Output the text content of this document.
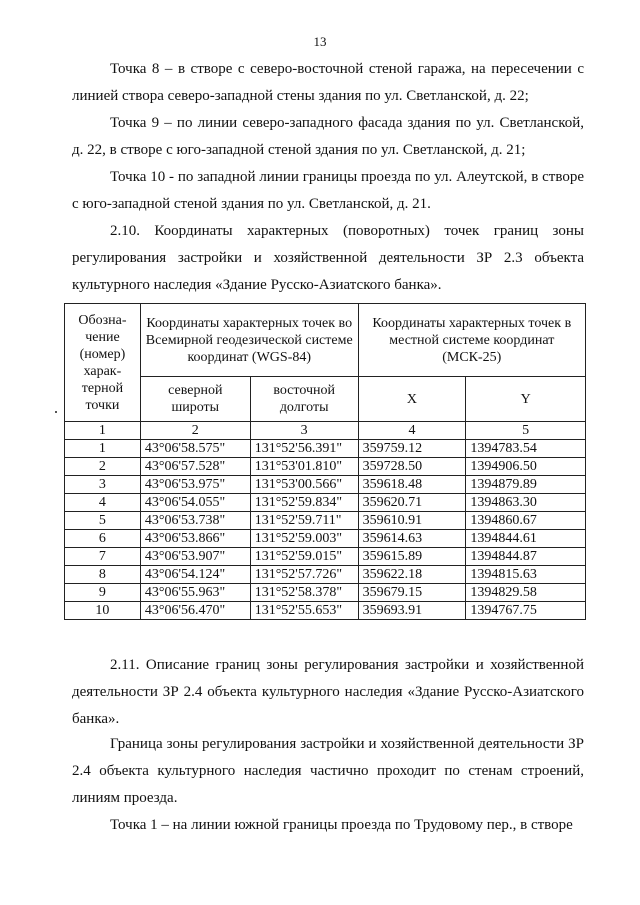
13

Точка 8 – в створе с северо-восточной стеной гаража, на пересечении с линией створа северо-западной стены здания по ул. Светланской, д. 22;

Точка 9 – по линии северо-западного фасада здания по ул. Светланской, д. 22, в створе с юго-западной стеной здания по ул. Светланской, д. 21;

Точка 10 - по западной линии границы проезда по ул. Алеутской, в створе с юго-западной стеной здания по ул. Светланской, д. 21.

2.10. Координаты характерных (поворотных) точек границ зоны регулирования застройки и хозяйственной деятельности ЗР 2.3 объекта культурного наследия «Здание Русско-Азиатского банка».

Обозна-чение (номер) харак-терной точки	Координаты характерных точек во Всемирной геодезической системе координат (WGS-84)		Координаты характерных точек в местной системе координат (МСК-25)	
	северной широты	восточной долготы	X	Y
1	2	3	4	5
1	43°06'58.575"	131°52'56.391"	359759.12	1394783.54
2	43°06'57.528"	131°53'01.810"	359728.50	1394906.50
3	43°06'53.975"	131°53'00.566"	359618.48	1394879.89
4	43°06'54.055"	131°52'59.834"	359620.71	1394863.30
5	43°06'53.738"	131°52'59.711"	359610.91	1394860.67
6	43°06'53.866"	131°52'59.003"	359614.63	1394844.61
7	43°06'53.907"	131°52'59.015"	359615.89	1394844.87
8	43°06'54.124"	131°52'57.726"	359622.18	1394815.63
9	43°06'55.963"	131°52'58.378"	359679.15	1394829.58
10	43°06'56.470"	131°52'55.653"	359693.91	1394767.75

2.11. Описание границ зоны регулирования застройки и хозяйственной деятельности ЗР 2.4 объекта культурного наследия «Здание Русско-Азиатского банка».

Граница зоны регулирования застройки и хозяйственной деятельности ЗР 2.4 объекта культурного наследия частично проходит по стенам строений, линиям проезда.

Точка 1 – на линии южной границы проезда по Трудовому пер., в створе
